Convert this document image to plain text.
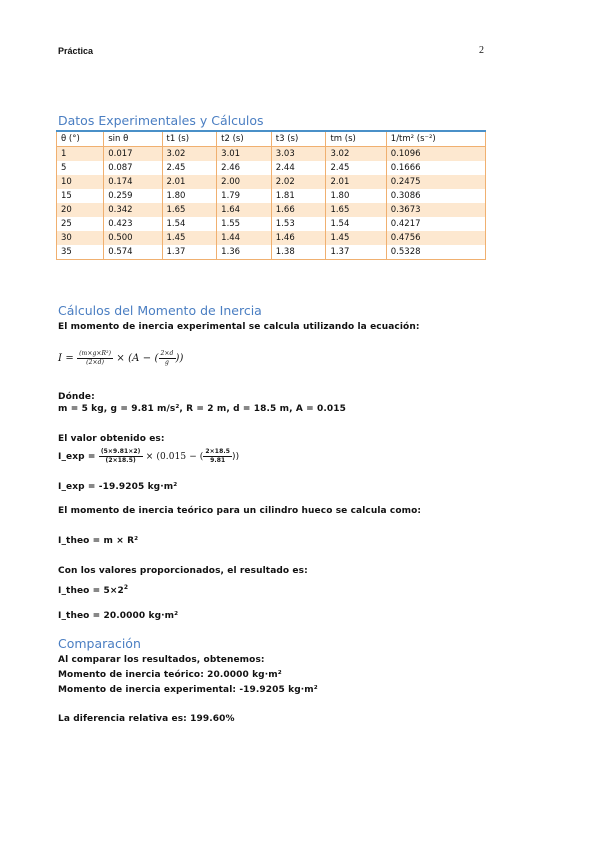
Práctica	2
Datos Experimentales y Cálculos
θ (°)	sin θ	t1 (s)	t2 (s)	t3 (s)	tm (s)	1/tm² (s⁻²)
1	0.017	3.02	3.01	3.03	3.02	0.1096
5	0.087	2.45	2.46	2.44	2.45	0.1666
10	0.174	2.01	2.00	2.02	2.01	0.2475
15	0.259	1.80	1.79	1.81	1.80	0.3086
20	0.342	1.65	1.64	1.66	1.65	0.3673
25	0.423	1.54	1.55	1.53	1.54	0.4217
30	0.500	1.45	1.44	1.46	1.45	0.4756
35	0.574	1.37	1.36	1.38	1.37	0.5328
Cálculos del Momento de Inercia
El momento de inercia experimental se calcula utilizando la ecuación:
$I = \frac{\text{(m×g×R²)}}{(2\times d)} \times (A$ − ( $\frac{2\times d}{g}$ ))
Dónde:
m = 5 kg, g = 9.81 m/s², R = 2 m, d = 18.5 m, A = 0.015
El valor obtenido es:
I_exp = $\frac{(5\times 9.81\times 2)}{(2\times 18.5)} \times (0.015$ − ( $\frac{2\times 18.5}{9.81}$ ))
I_exp = -19.9205 kg·m²
El momento de inercia teórico para un cilindro hueco se calcula como:
I_theo = m × R²
Con los valores proporcionados, el resultado es:
I_theo = $5\times 2^2$
I_theo = 20.0000 kg·m²
Comparación
Al comparar los resultados, obtenemos:
Momento de inercia teórico: 20.0000 kg·m²
Momento de inercia experimental: -19.9205 kg·m²
La diferencia relativa es: 199.60%
